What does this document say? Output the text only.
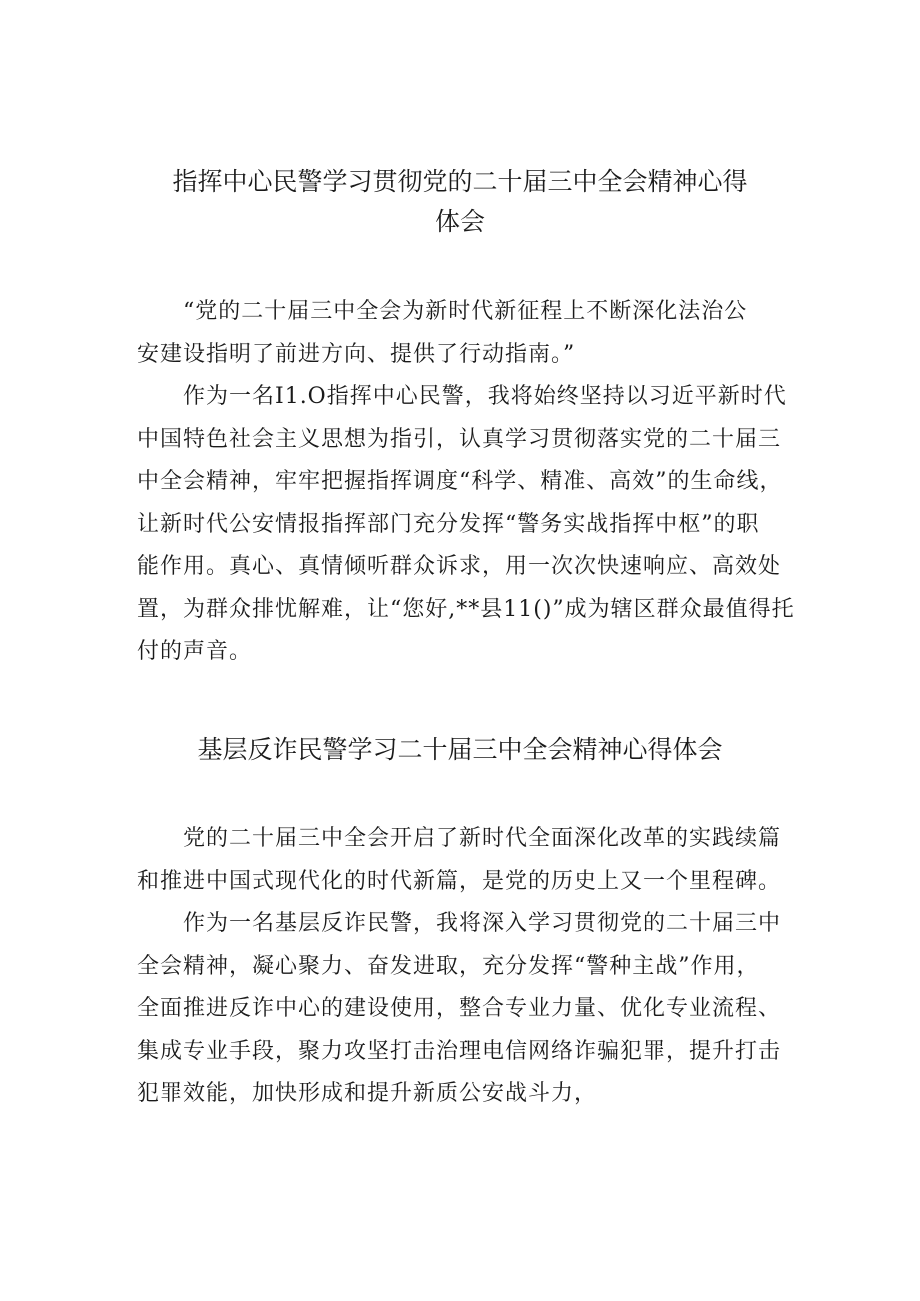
指挥中心民警学习贯彻党的二十届三中全会精神心得
体会

　　“党的二十届三中全会为新时代新征程上不断深化法治公
安建设指明了前进方向、提供了行动指南。”

　　作为一名I1.O指挥中心民警，我将始终坚持以习近平新时代
中国特色社会主义思想为指引，认真学习贯彻落实党的二十届三
中全会精神，牢牢把握指挥调度“科学、精准、高效”的生命线，
让新时代公安情报指挥部门充分发挥“警务实战指挥中枢”的职
能作用。真心、真情倾听群众诉求，用一次次快速响应、高效处
置，为群众排忧解难，让“您好,**县11()”成为辖区群众最值得托
付的声音。

基层反诈民警学习二十届三中全会精神心得体会

　　党的二十届三中全会开启了新时代全面深化改革的实践续篇
和推进中国式现代化的时代新篇，是党的历史上又一个里程碑。

　　作为一名基层反诈民警，我将深入学习贯彻党的二十届三中
全会精神，凝心聚力、奋发进取，充分发挥“警种主战”作用，
全面推进反诈中心的建设使用，整合专业力量、优化专业流程、
集成专业手段，聚力攻坚打击治理电信网络诈骗犯罪，提升打击
犯罪效能，加快形成和提升新质公安战斗力，
